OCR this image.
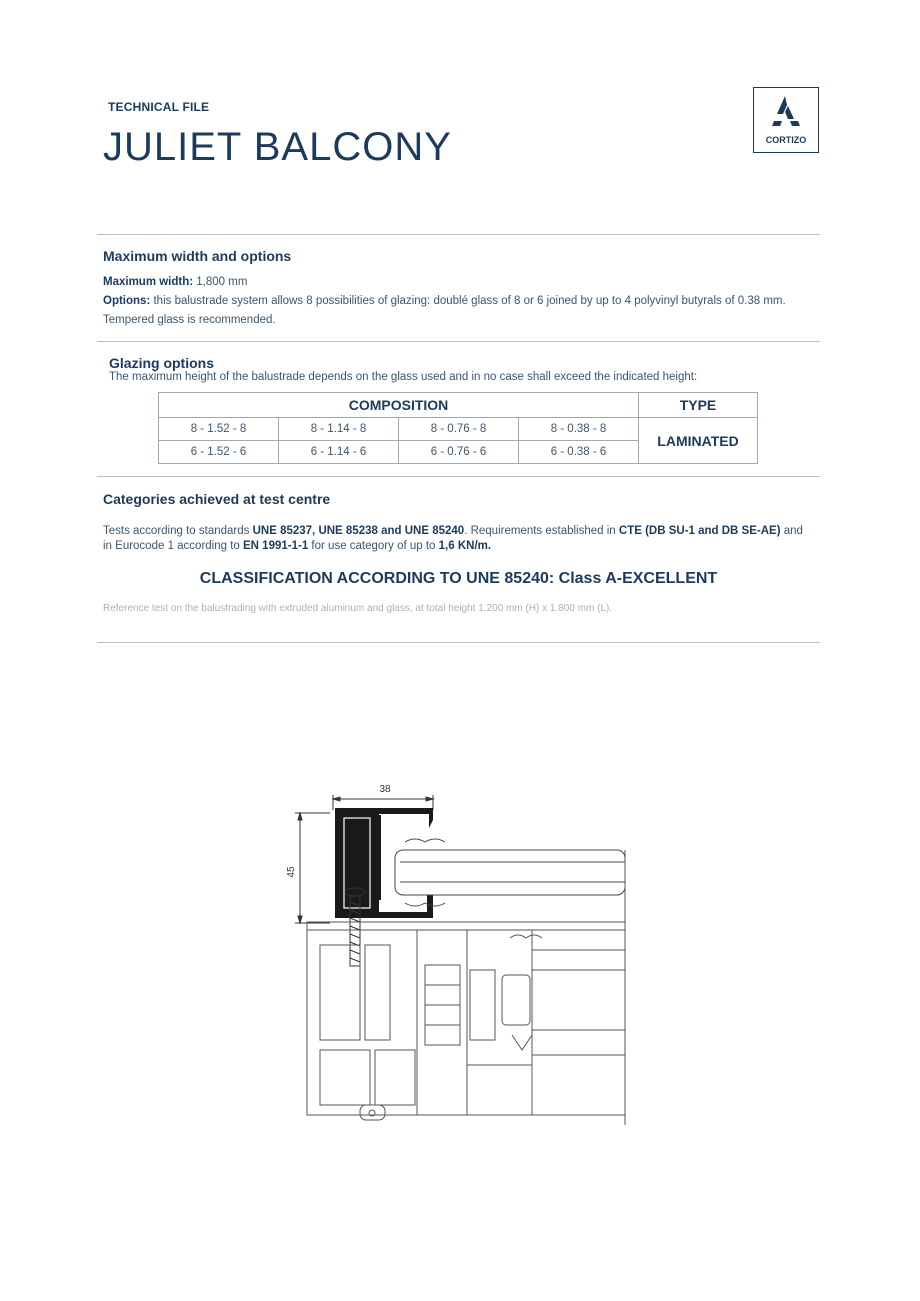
TECHNICAL FILE
JULIET BALCONY	CORTIZO
Maximum width and options
Maximum width: 1,800 mm
Options: this balustrade system allows 8 possibilities of glazing: doublé glass of 8 or 6 joined by up to 4 polyvinyl butyrals of 0.38 mm. Tempered glass is recommended.
Glazing options
The maximum height of the balustrade depends on the glass used and in no case shall exceed the indicated height:
COMPOSITION				TYPE
8 - 1.52 - 8	8 - 1.14 - 8	8 - 0.76 - 8	8 - 0.38 - 8	LAMINATED
6 - 1.52 - 6	6 - 1.14 - 6	6 - 0.76 - 6	6 - 0.38 - 6	
Categories achieved at test centre
Tests according to standards UNE 85237, UNE 85238 and UNE 85240. Requirements established in CTE (DB SU-1 and DB SE-AE) and in Eurocode 1 according to EN 1991-1-1 for use category of up to 1,6 KN/m.
CLASSIFICATION ACCORDING TO UNE 85240: Class A-EXCELLENT
Reference test on the balustrading with extruded aluminum and glass, at total height 1.200 mm (H) x 1.800 mm (L).
38
45
